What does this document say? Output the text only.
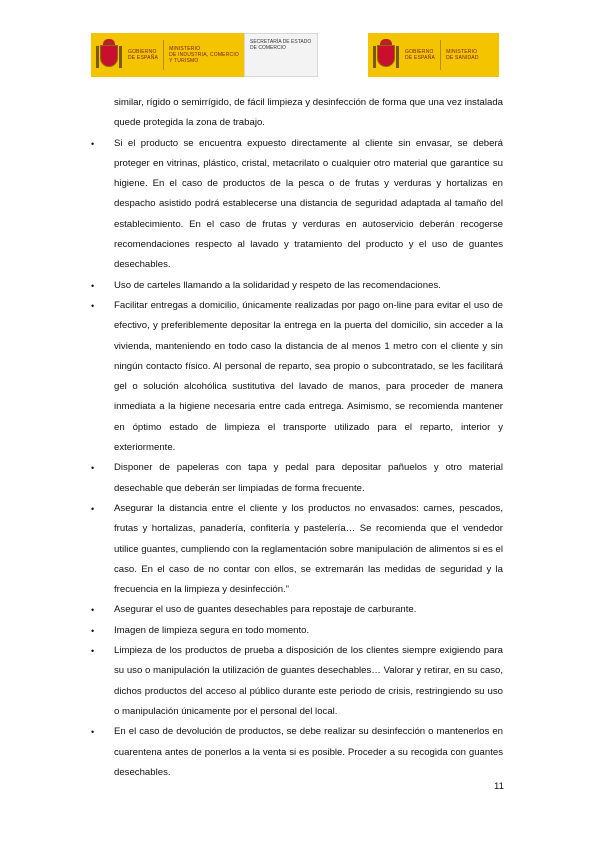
GOBIERNO
DE ESPAÑA
MINISTERIO
DE INDUSTRIA, COMERCIO
Y TURISMO
SECRETARÍA DE ESTADO
DE COMERCIO
GOBIERNO
DE ESPAÑA
MINISTERIO
DE SANIDAD

similar, rígido o semirrígido, de fácil limpieza y desinfección de forma que una vez instalada quede protegida la zona de trabajo.

• Si el producto se encuentra expuesto directamente al cliente sin envasar, se deberá proteger en vitrinas, plástico, cristal, metacrilato o cualquier otro material que garantice su higiene. En el caso de productos de la pesca o de frutas y verduras y hortalizas en despacho asistido podrá establecerse una distancia de seguridad adaptada al tamaño del establecimiento. En el caso de frutas y verduras en autoservicio deberán recogerse recomendaciones respecto al lavado y tratamiento del producto y el uso de guantes desechables.
• Uso de carteles llamando a la solidaridad y respeto de las recomendaciones.
• Facilitar entregas a domicilio, únicamente realizadas por pago on-line para evitar el uso de efectivo, y preferiblemente depositar la entrega en la puerta del domicilio, sin acceder a la vivienda, manteniendo en todo caso la distancia de al menos 1 metro con el cliente y sin ningún contacto físico. Al personal de reparto, sea propio o subcontratado, se les facilitará gel o solución alcohólica sustitutiva del lavado de manos, para proceder de manera inmediata a la higiene necesaria entre cada entrega. Asimismo, se recomienda mantener en óptimo estado de limpieza el transporte utilizado para el reparto, interior y exteriormente.
• Disponer de papeleras con tapa y pedal para depositar pañuelos y otro material desechable que deberán ser limpiadas de forma frecuente.
• Asegurar la distancia entre el cliente y los productos no envasados: carnes, pescados, frutas y hortalizas, panadería, confitería y pastelería… Se recomienda que el vendedor utilice guantes, cumpliendo con la reglamentación sobre manipulación de alimentos si es el caso. En el caso de no contar con ellos, se extremarán las medidas de seguridad y la frecuencia en la limpieza y desinfección.”
• Asegurar el uso de guantes desechables para repostaje de carburante.
• Imagen de limpieza segura en todo momento.
• Limpieza de los productos de prueba a disposición de los clientes siempre exigiendo para su uso o manipulación la utilización de guantes desechables… Valorar y retirar, en su caso, dichos productos del acceso al público durante este periodo de crisis, restringiendo su uso o manipulación únicamente por el personal del local.
• En el caso de devolución de productos, se debe realizar su desinfección o mantenerlos en cuarentena antes de ponerlos a la venta si es posible. Proceder a su recogida con guantes desechables.
11
